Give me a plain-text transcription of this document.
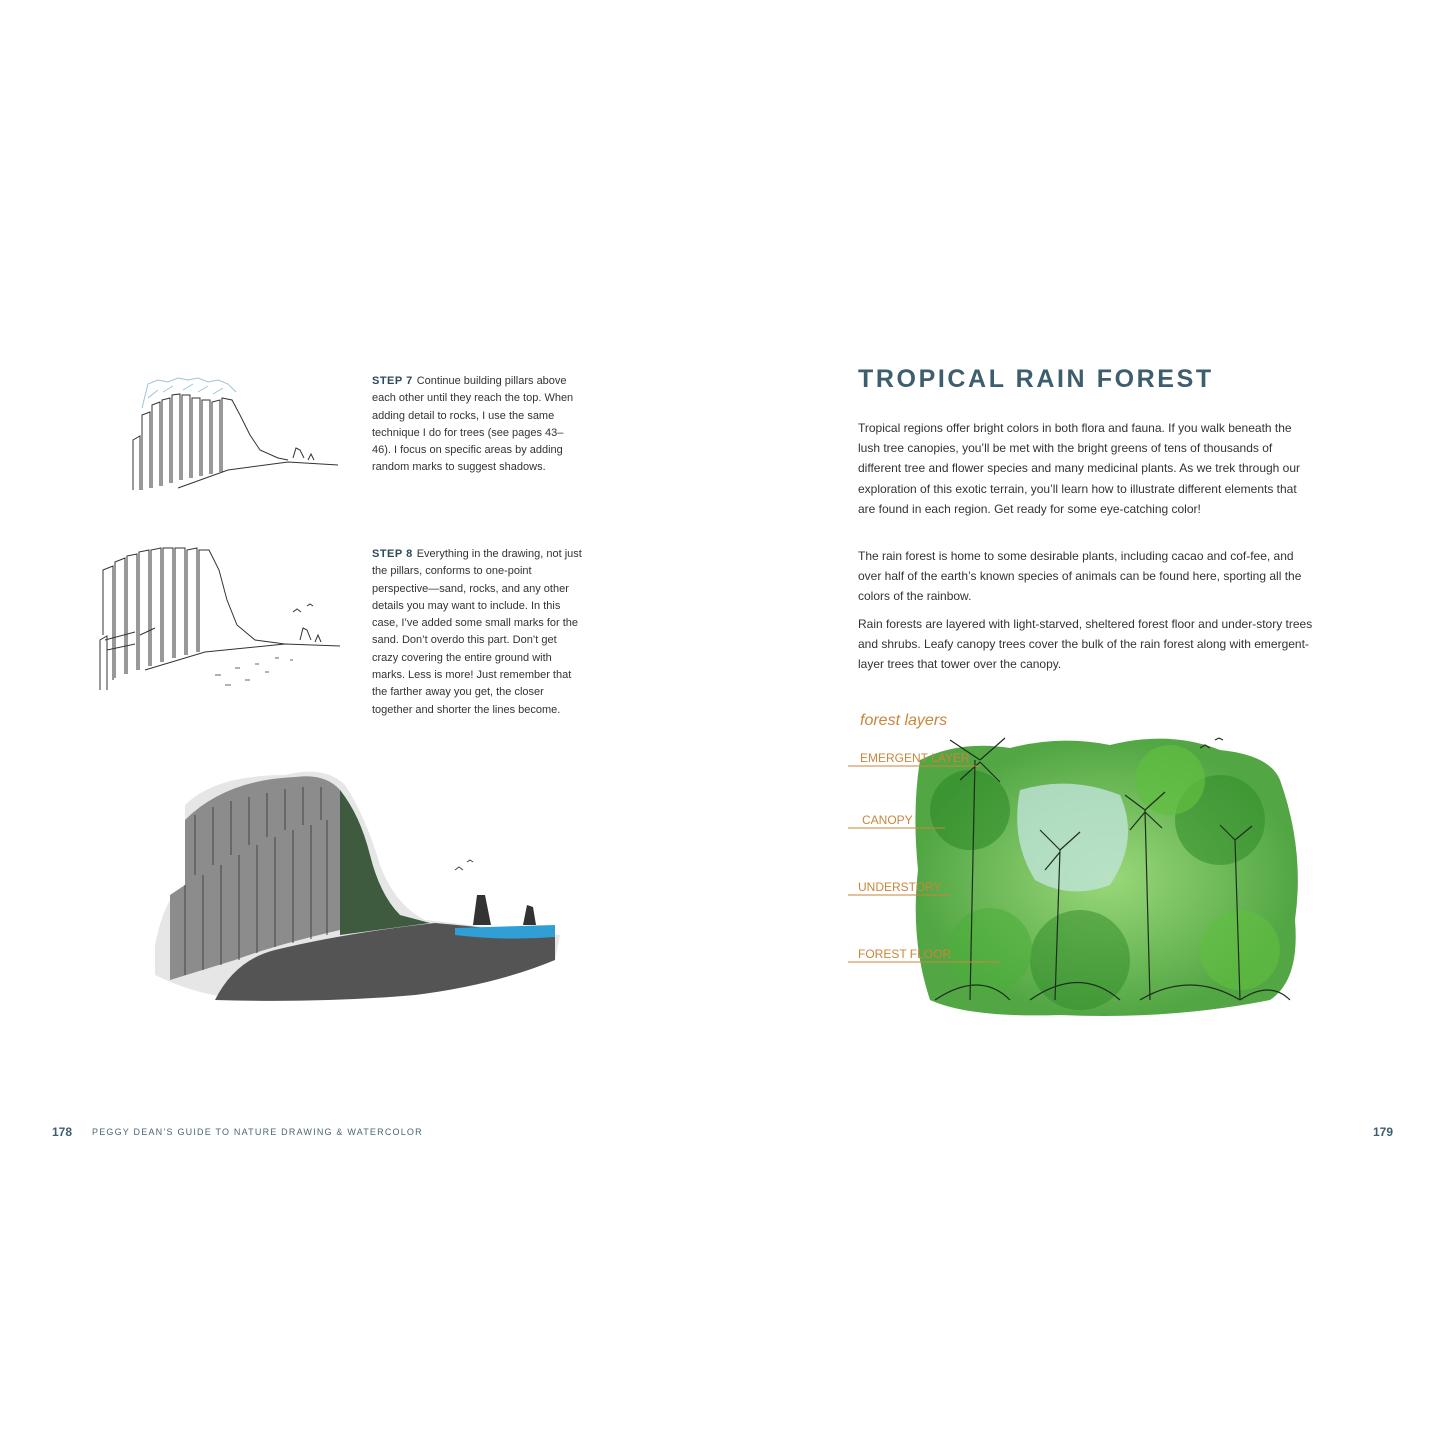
STEP 7 Continue building pillars above each other until they reach the top. When adding detail to rocks, I use the same technique I do for trees (see pages 43–46). I focus on specific areas by adding random marks to suggest shadows.
STEP 8 Everything in the drawing, not just the pillars, conforms to one-point perspective—sand, rocks, and any other details you may want to include. In this case, I’ve added some small marks for the sand. Don’t overdo this part. Don’t get crazy covering the entire ground with marks. Less is more! Just remember that the farther away you get, the closer together and shorter the lines become.
178 PEGGY DEAN’S GUIDE TO NATURE DRAWING & WATERCOLOR
TROPICAL RAIN FOREST

Tropical regions offer bright colors in both flora and fauna. If you walk beneath the lush tree canopies, you’ll be met with the bright greens of tens of thousands of different tree and flower species and many medicinal plants. As we trek through our exploration of this exotic terrain, you’ll learn how to illustrate different elements that are found in each region. Get ready for some eye-catching color!

The rain forest is home to some desirable plants, including cacao and cof-fee, and over half of the earth’s known species of animals can be found here, sporting all the colors of the rainbow.

Rain forests are layered with light-starved, sheltered forest floor and under-story trees and shrubs. Leafy canopy trees cover the bulk of the rain forest along with emergent-layer trees that tower over the canopy.

forest layers
EMERGENT LAYER
CANOPY
UNDERSTORY
FOREST FLOOR
179
